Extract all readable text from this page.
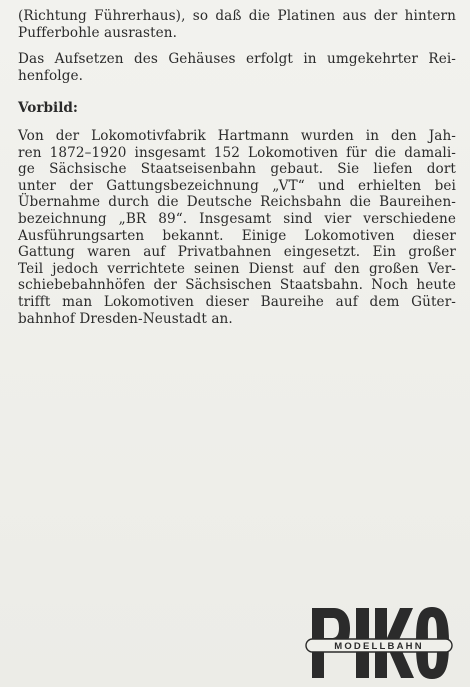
(Richtung Führerhaus), so daß die Platinen aus der hintern
Pufferbohle ausrasten.
Das Aufsetzen des Gehäuses erfolgt in umgekehrter Rei-
henfolge.
Vorbild:
Von der Lokomotivfabrik Hartmann wurden in den Jah-
ren 1872–1920 insgesamt 152 Lokomotiven für die damali-
ge Sächsische Staatseisenbahn gebaut. Sie liefen dort
unter der Gattungsbezeichnung „VT“ und erhielten bei
Übernahme durch die Deutsche Reichsbahn die Baureihen-
bezeichnung „BR 89“. Insgesamt sind vier verschiedene
Ausführungsarten bekannt. Einige Lokomotiven dieser
Gattung waren auf Privatbahnen eingesetzt. Ein großer
Teil jedoch verrichtete seinen Dienst auf den großen Ver-
schiebebahnhöfen der Sächsischen Staatsbahn. Noch heute
trifft man Lokomotiven dieser Baureihe auf dem Güter-
bahnhof Dresden-Neustadt an.
MODELLBAHN
